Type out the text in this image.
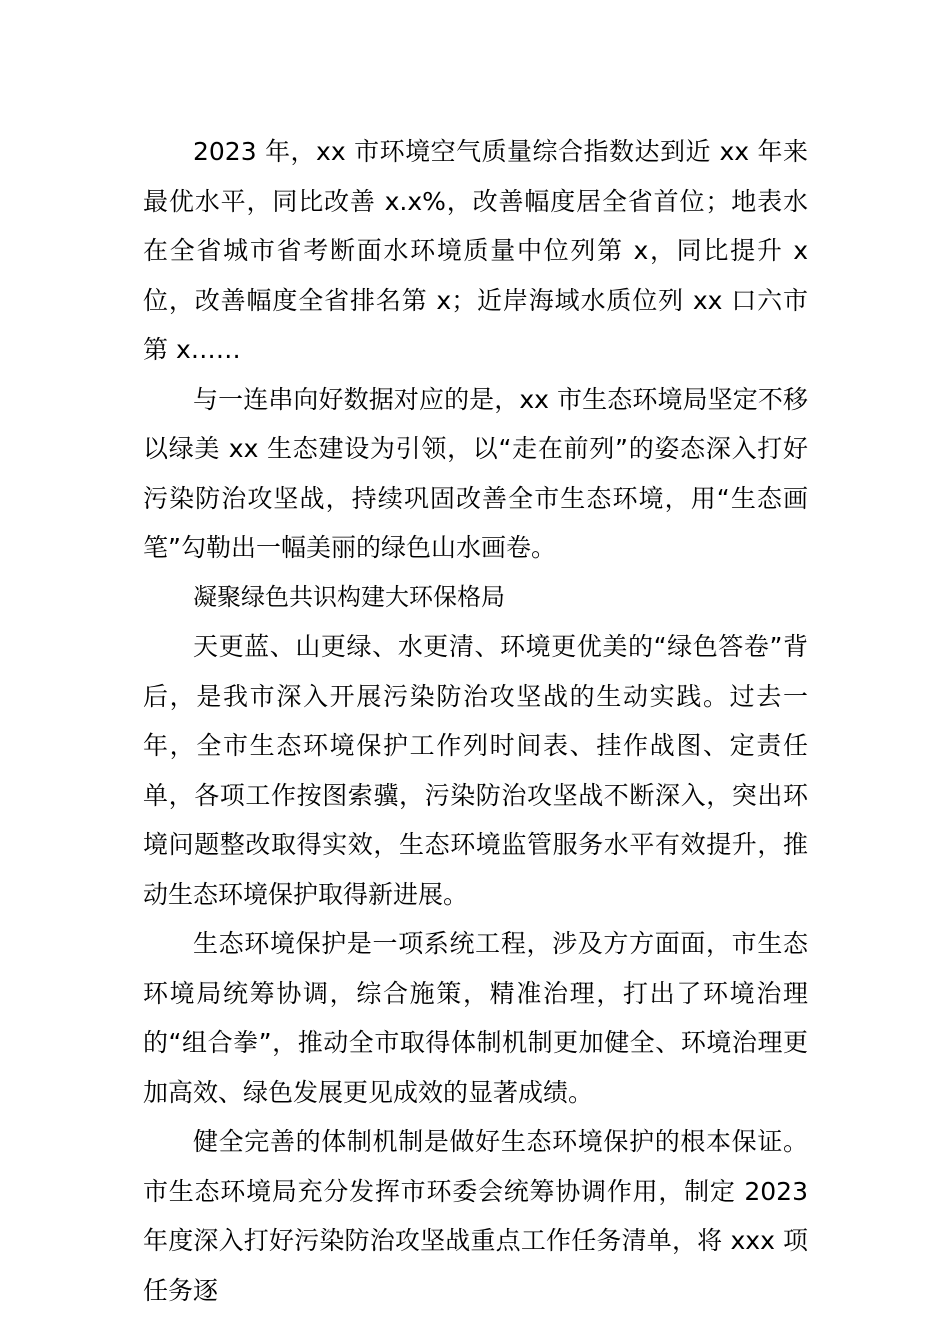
2023 年，xx 市环境空气质量综合指数达到近 xx 年来最优水平，同比改善 x.x%，改善幅度居全省首位；地表水在全省城市省考断面水环境质量中位列第 x，同比提升 x 位，改善幅度全省排名第 x；近岸海域水质位列 xx 口六市第 x……

与一连串向好数据对应的是，xx 市生态环境局坚定不移以绿美 xx 生态建设为引领，以“走在前列”的姿态深入打好污染防治攻坚战，持续巩固改善全市生态环境，用“生态画笔”勾勒出一幅美丽的绿色山水画卷。

凝聚绿色共识构建大环保格局

天更蓝、山更绿、水更清、环境更优美的“绿色答卷”背后，是我市深入开展污染防治攻坚战的生动实践。过去一年，全市生态环境保护工作列时间表、挂作战图、定责任单，各项工作按图索骥，污染防治攻坚战不断深入，突出环境问题整改取得实效，生态环境监管服务水平有效提升，推动生态环境保护取得新进展。

生态环境保护是一项系统工程，涉及方方面面，市生态环境局统筹协调，综合施策，精准治理，打出了环境治理的“组合拳”，推动全市取得体制机制更加健全、环境治理更加高效、绿色发展更见成效的显著成绩。

健全完善的体制机制是做好生态环境保护的根本保证。市生态环境局充分发挥市环委会统筹协调作用，制定 2023 年度深入打好污染防治攻坚战重点工作任务清单，将 xxx 项任务逐
